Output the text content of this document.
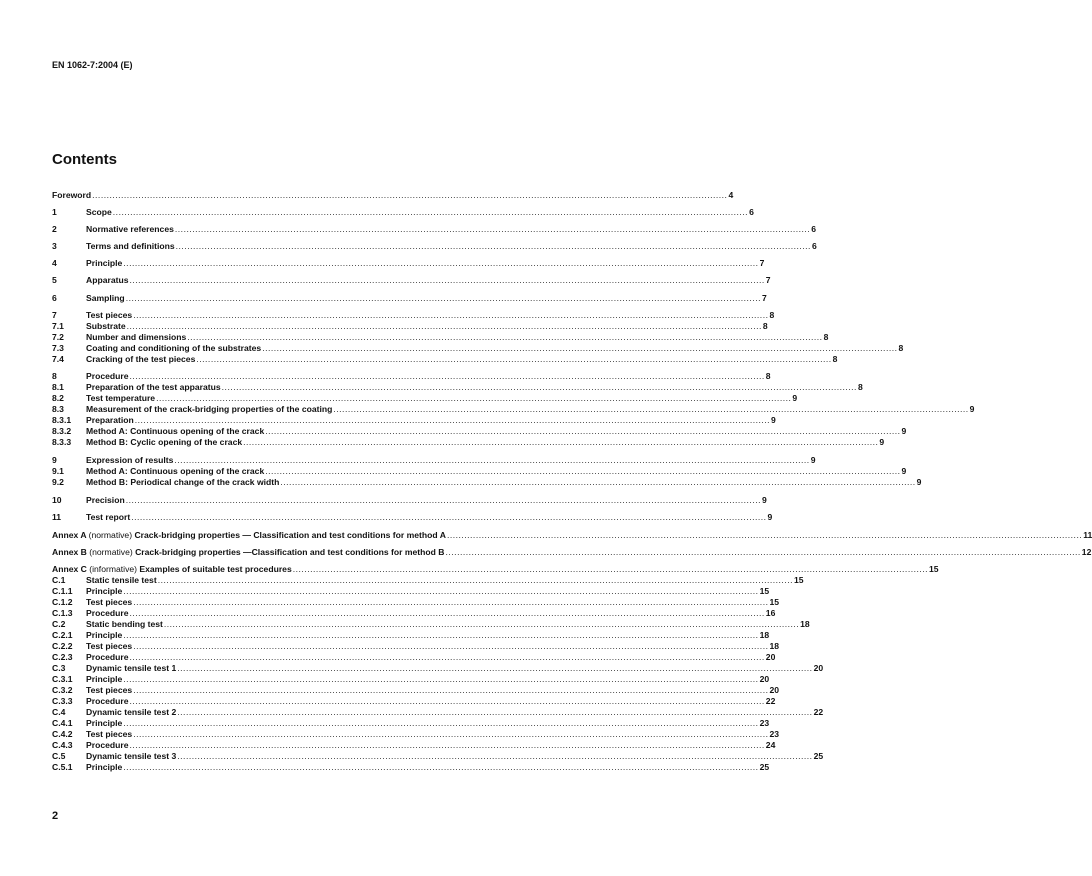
EN 1062-7:2004 (E)
Contents
Foreword ............................................................................................................................................................................................................................ 4
1	Scope ............................................................................................................................................................................................................................ 6
2	Normative references ............................................................................................................................................................................................................................ 6
3	Terms and definitions ............................................................................................................................................................................................................................ 6
4	Principle ............................................................................................................................................................................................................................ 7
5	Apparatus ............................................................................................................................................................................................................................ 7
6	Sampling ............................................................................................................................................................................................................................ 7
7	Test pieces ............................................................................................................................................................................................................................ 8
7.1	Substrate ............................................................................................................................................................................................................................ 8
7.2	Number and dimensions ............................................................................................................................................................................................................................ 8
7.3	Coating and conditioning of the substrates ............................................................................................................................................................................................................................ 8
7.4	Cracking of the test pieces ............................................................................................................................................................................................................................ 8
8	Procedure ............................................................................................................................................................................................................................ 8
8.1	Preparation of the test apparatus ............................................................................................................................................................................................................................ 8
8.2	Test temperature ............................................................................................................................................................................................................................ 9
8.3	Measurement of the crack-bridging properties of the coating ............................................................................................................................................................................................................................ 9
8.3.1 Preparation ............................................................................................................................................................................................................................ 9
8.3.2 Method A: Continuous opening of the crack ............................................................................................................................................................................................................................ 9
8.3.3 Method B: Cyclic opening of the crack ............................................................................................................................................................................................................................ 9
9	Expression of results ............................................................................................................................................................................................................................ 9
9.1	Method A: Continuous opening of the crack ............................................................................................................................................................................................................................ 9
9.2	Method B: Periodical change of the crack width ............................................................................................................................................................................................................................ 9
10	Precision ............................................................................................................................................................................................................................ 9
11	Test report ............................................................................................................................................................................................................................ 9
Annex A (normative) Crack-bridging properties — Classification and test conditions for method A ............................................................................................................................................................................................................................ 11
Annex B (normative) Crack-bridging properties —Classification and test conditions for method B ............................................................................................................................................................................................................................ 12
Annex C (informative) Examples of suitable test procedures ............................................................................................................................................................................................................................ 15
C.1 Static tensile test ............................................................................................................................................................................................................................ 15
C.1.1 Principle ............................................................................................................................................................................................................................ 15
C.1.2 Test pieces ............................................................................................................................................................................................................................ 15
C.1.3 Procedure ............................................................................................................................................................................................................................ 16
C.2 Static bending test ............................................................................................................................................................................................................................ 18
C.2.1 Principle ............................................................................................................................................................................................................................ 18
C.2.2 Test pieces ............................................................................................................................................................................................................................ 18
C.2.3 Procedure ............................................................................................................................................................................................................................ 20
C.3 Dynamic tensile test 1 ............................................................................................................................................................................................................................ 20
C.3.1 Principle ............................................................................................................................................................................................................................ 20
C.3.2 Test pieces ............................................................................................................................................................................................................................ 20
C.3.3 Procedure ............................................................................................................................................................................................................................ 22
C.4 Dynamic tensile test 2 ............................................................................................................................................................................................................................ 22
C.4.1 Principle ............................................................................................................................................................................................................................ 23
C.4.2 Test pieces ............................................................................................................................................................................................................................ 23
C.4.3 Procedure ............................................................................................................................................................................................................................ 24
C.5 Dynamic tensile test 3 ............................................................................................................................................................................................................................ 25
C.5.1 Principle ............................................................................................................................................................................................................................ 25
2
